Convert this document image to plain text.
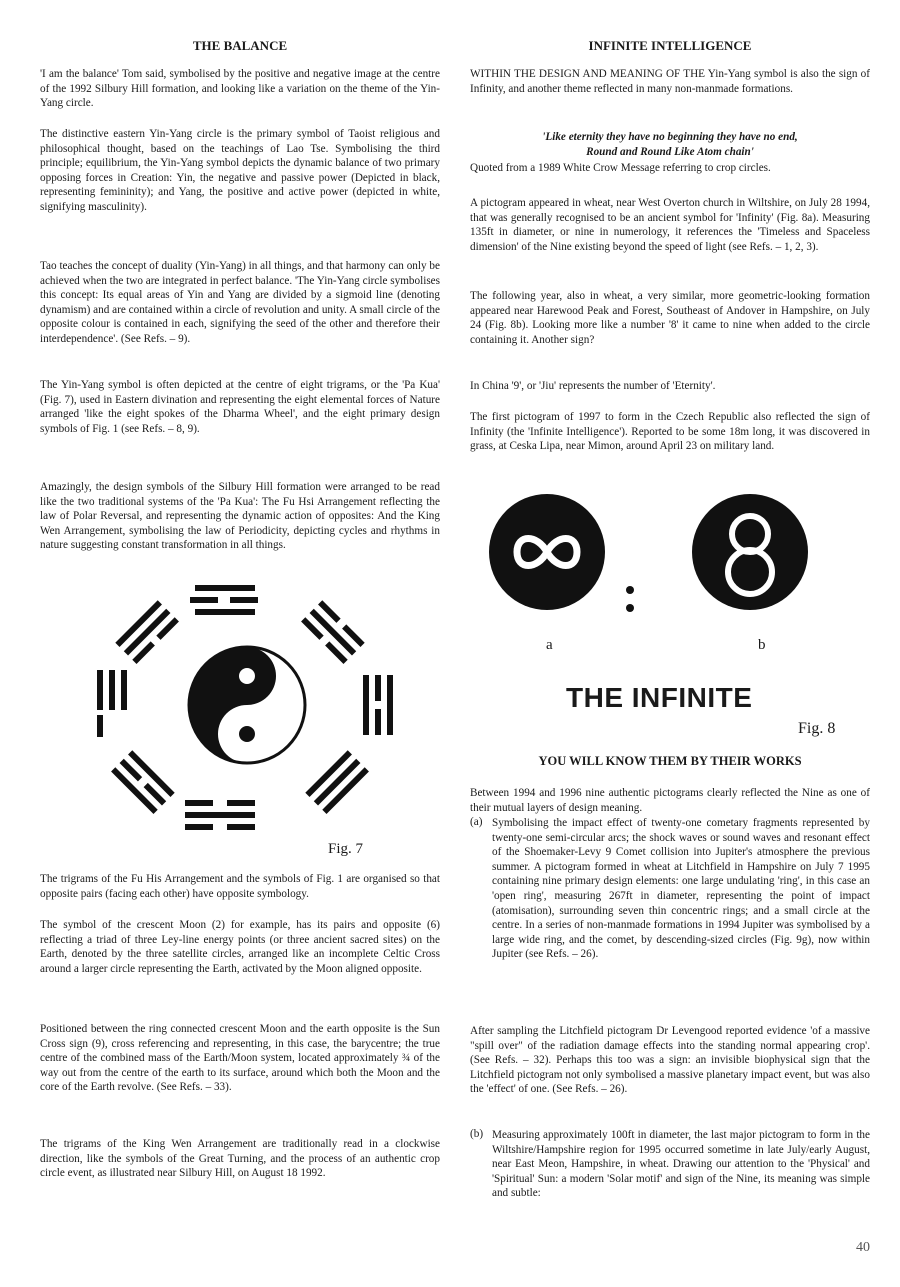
THE BALANCE

'I am the balance' Tom said, symbolised by the positive and negative image at the centre of the 1992 Silbury Hill formation, and looking like a variation on the theme of the Yin-Yang circle.

The distinctive eastern Yin-Yang circle is the primary symbol of Taoist religious and philosophical thought, based on the teachings of Lao Tse. Symbolising the third principle; equilibrium, the Yin-Yang symbol depicts the dynamic balance of two primary opposing forces in Creation: Yin, the negative and passive power (Depicted in black, representing femininity); and Yang, the positive and active power (depicted in white, signifying masculinity).

Tao teaches the concept of duality (Yin-Yang) in all things, and that harmony can only be achieved when the two are integrated in perfect balance. 'The Yin-Yang circle symbolises this concept: Its equal areas of Yin and Yang are divided by a sigmoid line (denoting dynamism) and are contained within a circle of revolution and unity. A small circle of the opposite colour is contained in each, signifying the seed of the other and therefore their interdependence'. (See Refs. – 9).

The Yin-Yang symbol is often depicted at the centre of eight trigrams, or the 'Pa Kua' (Fig. 7), used in Eastern divination and representing the eight elemental forces of Nature arranged 'like the eight spokes of the Dharma Wheel', and the eight primary design symbols of Fig. 1 (see Refs. – 8, 9).

Amazingly, the design symbols of the Silbury Hill formation were arranged to be read like the two traditional systems of the 'Pa Kua': The Fu Hsi Arrangement reflecting the law of Polar Reversal, and representing the dynamic action of opposites: And the King Wen Arrangement, symbolising the law of Periodicity, depicting cycles and rhythms in nature suggesting constant transformation in all things.

Fig. 7

The trigrams of the Fu His Arrangement and the symbols of Fig. 1 are organised so that opposite pairs (facing each other) have opposite symbology.

The symbol of the crescent Moon (2) for example, has its pairs and opposite (6) reflecting a triad of three Ley-line energy points (or three ancient sacred sites) on the Earth, denoted by the three satellite circles, arranged like an incomplete Celtic Cross around a larger circle representing the Earth, activated by the Moon aligned opposite.

Positioned between the ring connected crescent Moon and the earth opposite is the Sun Cross sign (9), cross referencing and representing, in this case, the barycentre; the true centre of the combined mass of the Earth/Moon system, located approximately ¾ of the way out from the centre of the earth to its surface, around which both the Moon and the core of the Earth revolve. (See Refs. – 33).

The trigrams of the King Wen Arrangement are traditionally read in a clockwise direction, like the symbols of the Great Turning, and the process of an authentic crop circle event, as illustrated near Silbury Hill, on August 18 1992.

INFINITE INTELLIGENCE

WITHIN THE DESIGN AND MEANING OF THE Yin-Yang symbol is also the sign of Infinity, and another theme reflected in many non-manmade formations.

'Like eternity they have no beginning they have no end,

Round and Round Like Atom chain'

Quoted from a 1989 White Crow Message referring to crop circles.

A pictogram appeared in wheat, near West Overton church in Wiltshire, on July 28 1994, that was generally recognised to be an ancient symbol for 'Infinity' (Fig. 8a). Measuring 135ft in diameter, or nine in numerology, it references the 'Timeless and Spaceless dimension' of the Nine existing beyond the speed of light (see Refs. – 1, 2, 3).

The following year, also in wheat, a very similar, more geometric-looking formation appeared near Harewood Peak and Forest, Southeast of Andover in Hampshire, on July 24 (Fig. 8b). Looking more like a number '8' it came to nine when added to the circle containing it. Another sign?

In China '9', or 'Jiu' represents the number of 'Eternity'.

The first pictogram of 1997 to form in the Czech Republic also reflected the sign of Infinity (the 'Infinite Intelligence'). Reported to be some 18m long, it was discovered in grass, at Ceska Lipa, near Mimon, around April 23 on military land.

a	b
THE INFINITE
Fig. 8
YOU WILL KNOW THEM BY THEIR WORKS

Between 1994 and 1996 nine authentic pictograms clearly reflected the Nine as one of their mutual layers of design meaning.

(a) Symbolising the impact effect of twenty-one cometary fragments represented by twenty-one semi-circular arcs; the shock waves or sound waves and resonant effect of the Shoemaker-Levy 9 Comet collision into Jupiter's atmosphere the previous summer. A pictogram formed in wheat at Litchfield in Hampshire on July 7 1995 containing nine primary design elements: one large undulating 'ring', in this case an 'open ring', measuring 267ft in diameter, representing the point of impact (atomisation), surrounding seven thin concentric rings; and a small circle at the centre. In a series of non-manmade formations in 1994 Jupiter was symbolised by a large wide ring, and the comet, by descending-sized circles (Fig. 9g), now within Jupiter (see Refs. – 26).

After sampling the Litchfield pictogram Dr Levengood reported evidence 'of a massive "spill over" of the radiation damage effects into the standing normal appearing crop'. (See Refs. – 32). Perhaps this too was a sign: an invisible biophysical sign that the Litchfield pictogram not only symbolised a massive planetary impact event, but was also the 'effect' of one. (See Refs. – 26).

(b) Measuring approximately 100ft in diameter, the last major pictogram to form in the Wiltshire/Hampshire region for 1995 occurred sometime in late July/early August, near East Meon, Hampshire, in wheat. Drawing our attention to the 'Physical' and 'Spiritual' Sun: a modern 'Solar motif' and sign of the Nine, its meaning was simple and subtle:

40
